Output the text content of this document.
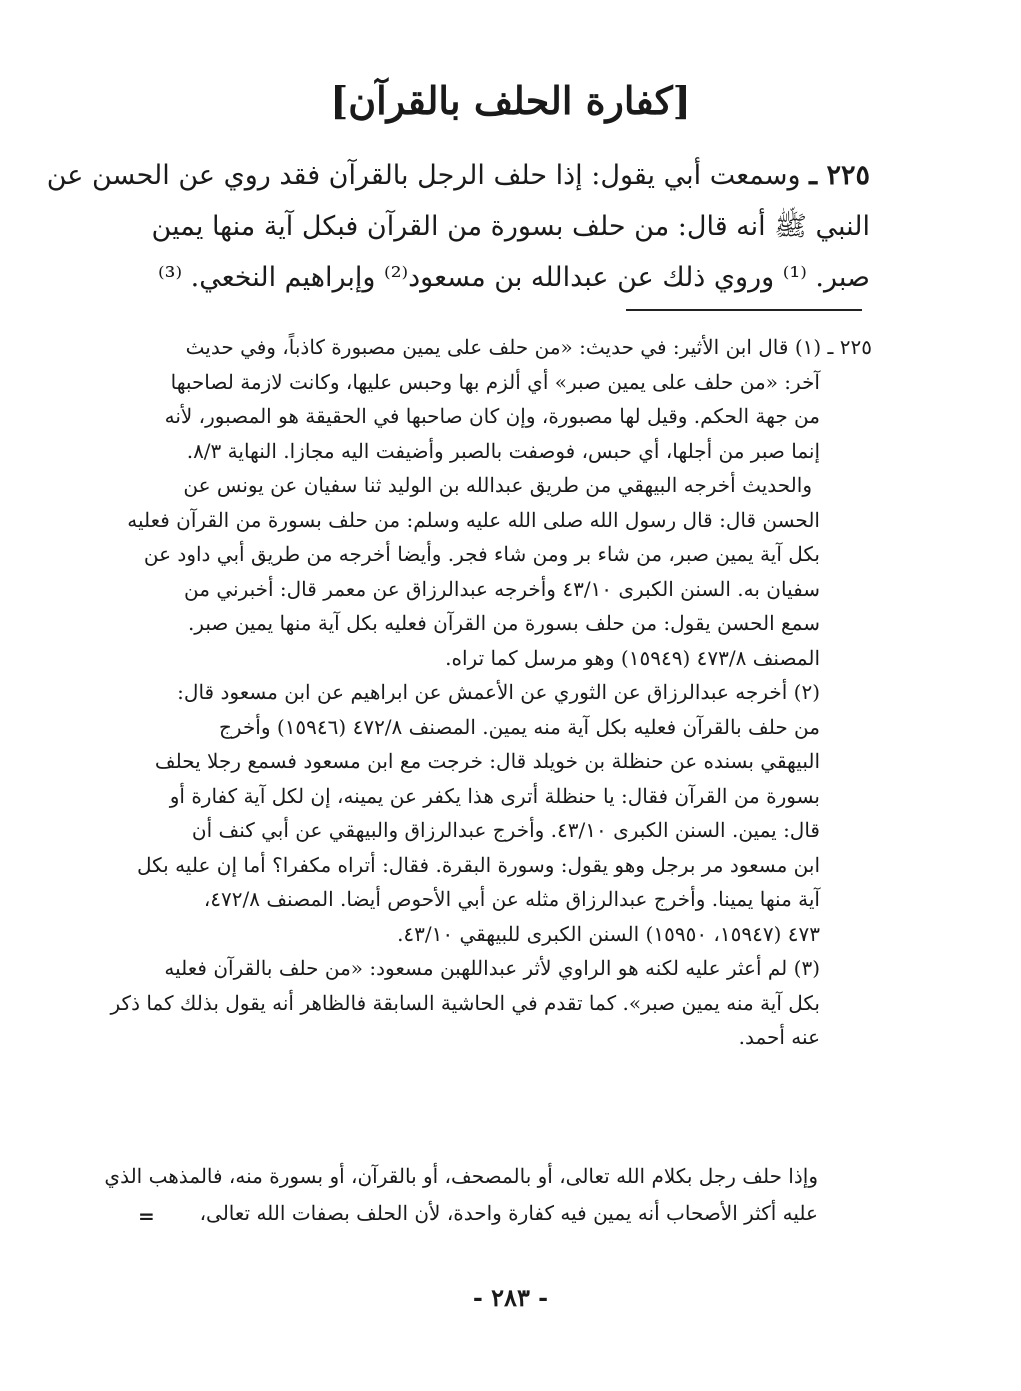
[كفارة الحلف بالقرآن]
٢٢٥ ـ وسمعت أبي يقول: إذا حلف الرجل بالقرآن فقد روي عن الحسن عن
النبي ﷺ أنه قال: من حلف بسورة من القرآن فبكل آية منها يمين
صبر. ⁽¹⁾ وروي ذلك عن عبدالله بن مسعود⁽²⁾ وإبراهيم النخعي. ⁽³⁾
٢٢٥ ـ (١) قال ابن الأثير: في حديث: «من حلف على يمين مصبورة كاذباً، وفي حديث
آخر: «من حلف على يمين صبر» أي ألزم بها وحبس عليها، وكانت لازمة لصاحبها
من جهة الحكم. وقيل لها مصبورة، وإن كان صاحبها في الحقيقة هو المصبور، لأنه
إنما صبر من أجلها، أي حبس، فوصفت بالصبر وأضيفت اليه مجازا. النهاية ٨/٣.
والحديث أخرجه البيهقي من طريق عبدالله بن الوليد ثنا سفيان عن يونس عن
الحسن قال: قال رسول الله صلى الله عليه وسلم: من حلف بسورة من القرآن فعليه
بكل آية يمين صبر، من شاء بر ومن شاء فجر. وأيضا أخرجه من طريق أبي داود عن
سفيان به. السنن الكبرى ٤٣/١٠ وأخرجه عبدالرزاق عن معمر قال: أخبرني من
سمع الحسن يقول: من حلف بسورة من القرآن فعليه بكل آية منها يمين صبر.
المصنف ٤٧٣/٨ (١٥٩٤٩) وهو مرسل كما تراه.
(٢) أخرجه عبدالرزاق عن الثوري عن الأعمش عن ابراهيم عن ابن مسعود قال:
من حلف بالقرآن فعليه بكل آية منه يمين. المصنف ٤٧٢/٨ (١٥٩٤٦) وأخرج
البيهقي بسنده عن حنظلة بن خويلد قال: خرجت مع ابن مسعود فسمع رجلا يحلف
بسورة من القرآن فقال: يا حنظلة أترى هذا يكفر عن يمينه، إن لكل آية كفارة أو
قال: يمين. السنن الكبرى ٤٣/١٠. وأخرج عبدالرزاق والبيهقي عن أبي كنف أن
ابن مسعود مر برجل وهو يقول: وسورة البقرة. فقال: أتراه مكفرا؟ أما إن عليه بكل
آية منها يمينا. وأخرج عبدالرزاق مثله عن أبي الأحوص أيضا. المصنف ٤٧٢/٨،
٤٧٣ (١٥٩٤٧، ١٥٩٥٠) السنن الكبرى للبيهقي ٤٣/١٠.
(٣) لم أعثر عليه لكنه هو الراوي لأثر عبداللهبن مسعود: «من حلف بالقرآن فعليه
بكل آية منه يمين صبر». كما تقدم في الحاشية السابقة فالظاهر أنه يقول بذلك كما ذكر
عنه أحمد.
وإذا حلف رجل بكلام الله تعالى، أو بالمصحف، أو بالقرآن، أو بسورة منه، فالمذهب الذي
عليه أكثر الأصحاب أنه يمين فيه كفارة واحدة، لأن الحلف بصفات الله تعالى،
=
- ٢٨٣ -
